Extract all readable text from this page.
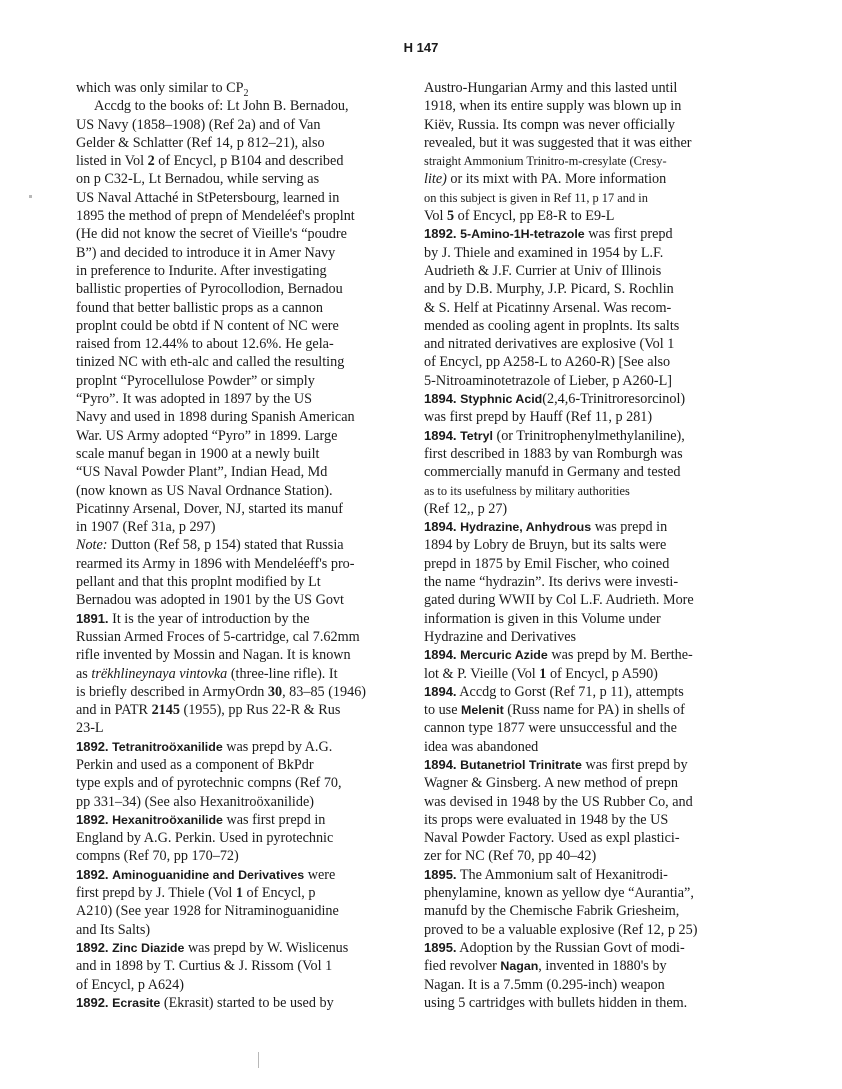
H 147
which was only similar to $CP_2$
Accdg to the books of: Lt John B. Bernadou,
US Navy (1858–1908) (Ref 2a) and of Van
Gelder & Schlatter (Ref 14, p 812–21), also
listed in Vol 2 of Encycl, p B104 and described
on p C32-L, Lt Bernadou, while serving as
US Naval Attaché in StPetersbourg, learned in
1895 the method of prepn of Mendeléef's proplnt
(He did not know the secret of Vieille's “poudre
B”) and decided to introduce it in Amer Navy
in preference to Indurite. After investigating
ballistic properties of Pyrocollodion, Bernadou
found that better ballistic props as a cannon
proplnt could be obtd if N content of NC were
raised from 12.44% to about 12.6%. He gela-
tinized NC with eth-alc and called the resulting
proplnt “Pyrocellulose Powder” or simply
“Pyro”. It was adopted in 1897 by the US
Navy and used in 1898 during Spanish American
War. US Army adopted “Pyro” in 1899. Large
scale manuf began in 1900 at a newly built
“US Naval Powder Plant”, Indian Head, Md
(now known as US Naval Ordnance Station).
Picatinny Arsenal, Dover, NJ, started its manuf
in 1907 (Ref 31a, p 297)
Note: Dutton (Ref 58, p 154) stated that Russia
rearmed its Army in 1896 with Mendeléeff's pro-
pellant and that this proplnt modified by Lt
Bernadou was adopted in 1901 by the US Govt
1891. It is the year of introduction by the
Russian Armed Froces of 5-cartridge, cal 7.62mm
rifle invented by Mossin and Nagan. It is known
as trëkhlineynaya vintovka (three-line rifle). It
is briefly described in ArmyOrdn 30, 83–85 (1946)
and in PATR 2145 (1955), pp Rus 22-R & Rus
23-L
1892. Tetranitroöxanilide was prepd by A.G.
Perkin and used as a component of BkPdr
type expls and of pyrotechnic compns (Ref 70,
pp 331–34) (See also Hexanitroöxanilide)
1892. Hexanitroöxanilide was first prepd in
England by A.G. Perkin. Used in pyrotechnic
compns (Ref 70, pp 170–72)
1892. Aminoguanidine and Derivatives were
first prepd by J. Thiele (Vol 1 of Encycl, p
A210) (See year 1928 for Nitraminoguanidine
and Its Salts)
1892. Zinc Diazide was prepd by W. Wislicenus
and in 1898 by T. Curtius & J. Rissom (Vol 1
of Encycl, p A624)
1892. Ecrasite (Ekrasit) started to be used by
Austro-Hungarian Army and this lasted until
1918, when its entire supply was blown up in
Kiëv, Russia. Its compn was never officially
revealed, but it was suggested that it was either
straight Ammonium Trinitro-m-cresylate (Cresy-
lite) or its mixt with PA. More information
on this subject is given in Ref 11, p 17 and in
Vol 5 of Encycl, pp E8-R to E9-L
1892. 5-Amino-1H-tetrazole was first prepd
by J. Thiele and examined in 1954 by L.F.
Audrieth & J.F. Currier at Univ of Illinois
and by D.B. Murphy, J.P. Picard, S. Rochlin
& S. Helf at Picatinny Arsenal. Was recom-
mended as cooling agent in proplnts. Its salts
and nitrated derivatives are explosive (Vol 1
of Encycl, pp A258-L to A260-R) [See also
5-Nitroaminotetrazole of Lieber, p A260-L]
1894. Styphnic Acid(2,4,6-Trinitroresorcinol)
was first prepd by Hauff (Ref 11, p 281)
1894. Tetryl (or Trinitrophenylmethylaniline),
first described in 1883 by van Romburgh was
commercially manufd in Germany and tested
as to its usefulness by military authorities
(Ref 12,, p 27)
1894. Hydrazine, Anhydrous was prepd in
1894 by Lobry de Bruyn, but its salts were
prepd in 1875 by Emil Fischer, who coined
the name “hydrazin”. Its derivs were investi-
gated during WWII by Col L.F. Audrieth. More
information is given in this Volume under
Hydrazine and Derivatives
1894. Mercuric Azide was prepd by M. Berthe-
lot & P. Vieille (Vol 1 of Encycl, p A590)
1894. Accdg to Gorst (Ref 71, p 11), attempts
to use Melenit (Russ name for PA) in shells of
cannon type 1877 were unsuccessful and the
idea was abandoned
1894. Butanetriol Trinitrate was first prepd by
Wagner & Ginsberg. A new method of prepn
was devised in 1948 by the US Rubber Co, and
its props were evaluated in 1948 by the US
Naval Powder Factory. Used as expl plastici-
zer for NC (Ref 70, pp 40–42)
1895. The Ammonium salt of Hexanitrodi-
phenylamine, known as yellow dye “Aurantia”,
manufd by the Chemische Fabrik Griesheim,
proved to be a valuable explosive (Ref 12, p 25)
1895. Adoption by the Russian Govt of modi-
fied revolver Nagan, invented in 1880's by
Nagan. It is a 7.5mm (0.295-inch) weapon
using 5 cartridges with bullets hidden in them.
